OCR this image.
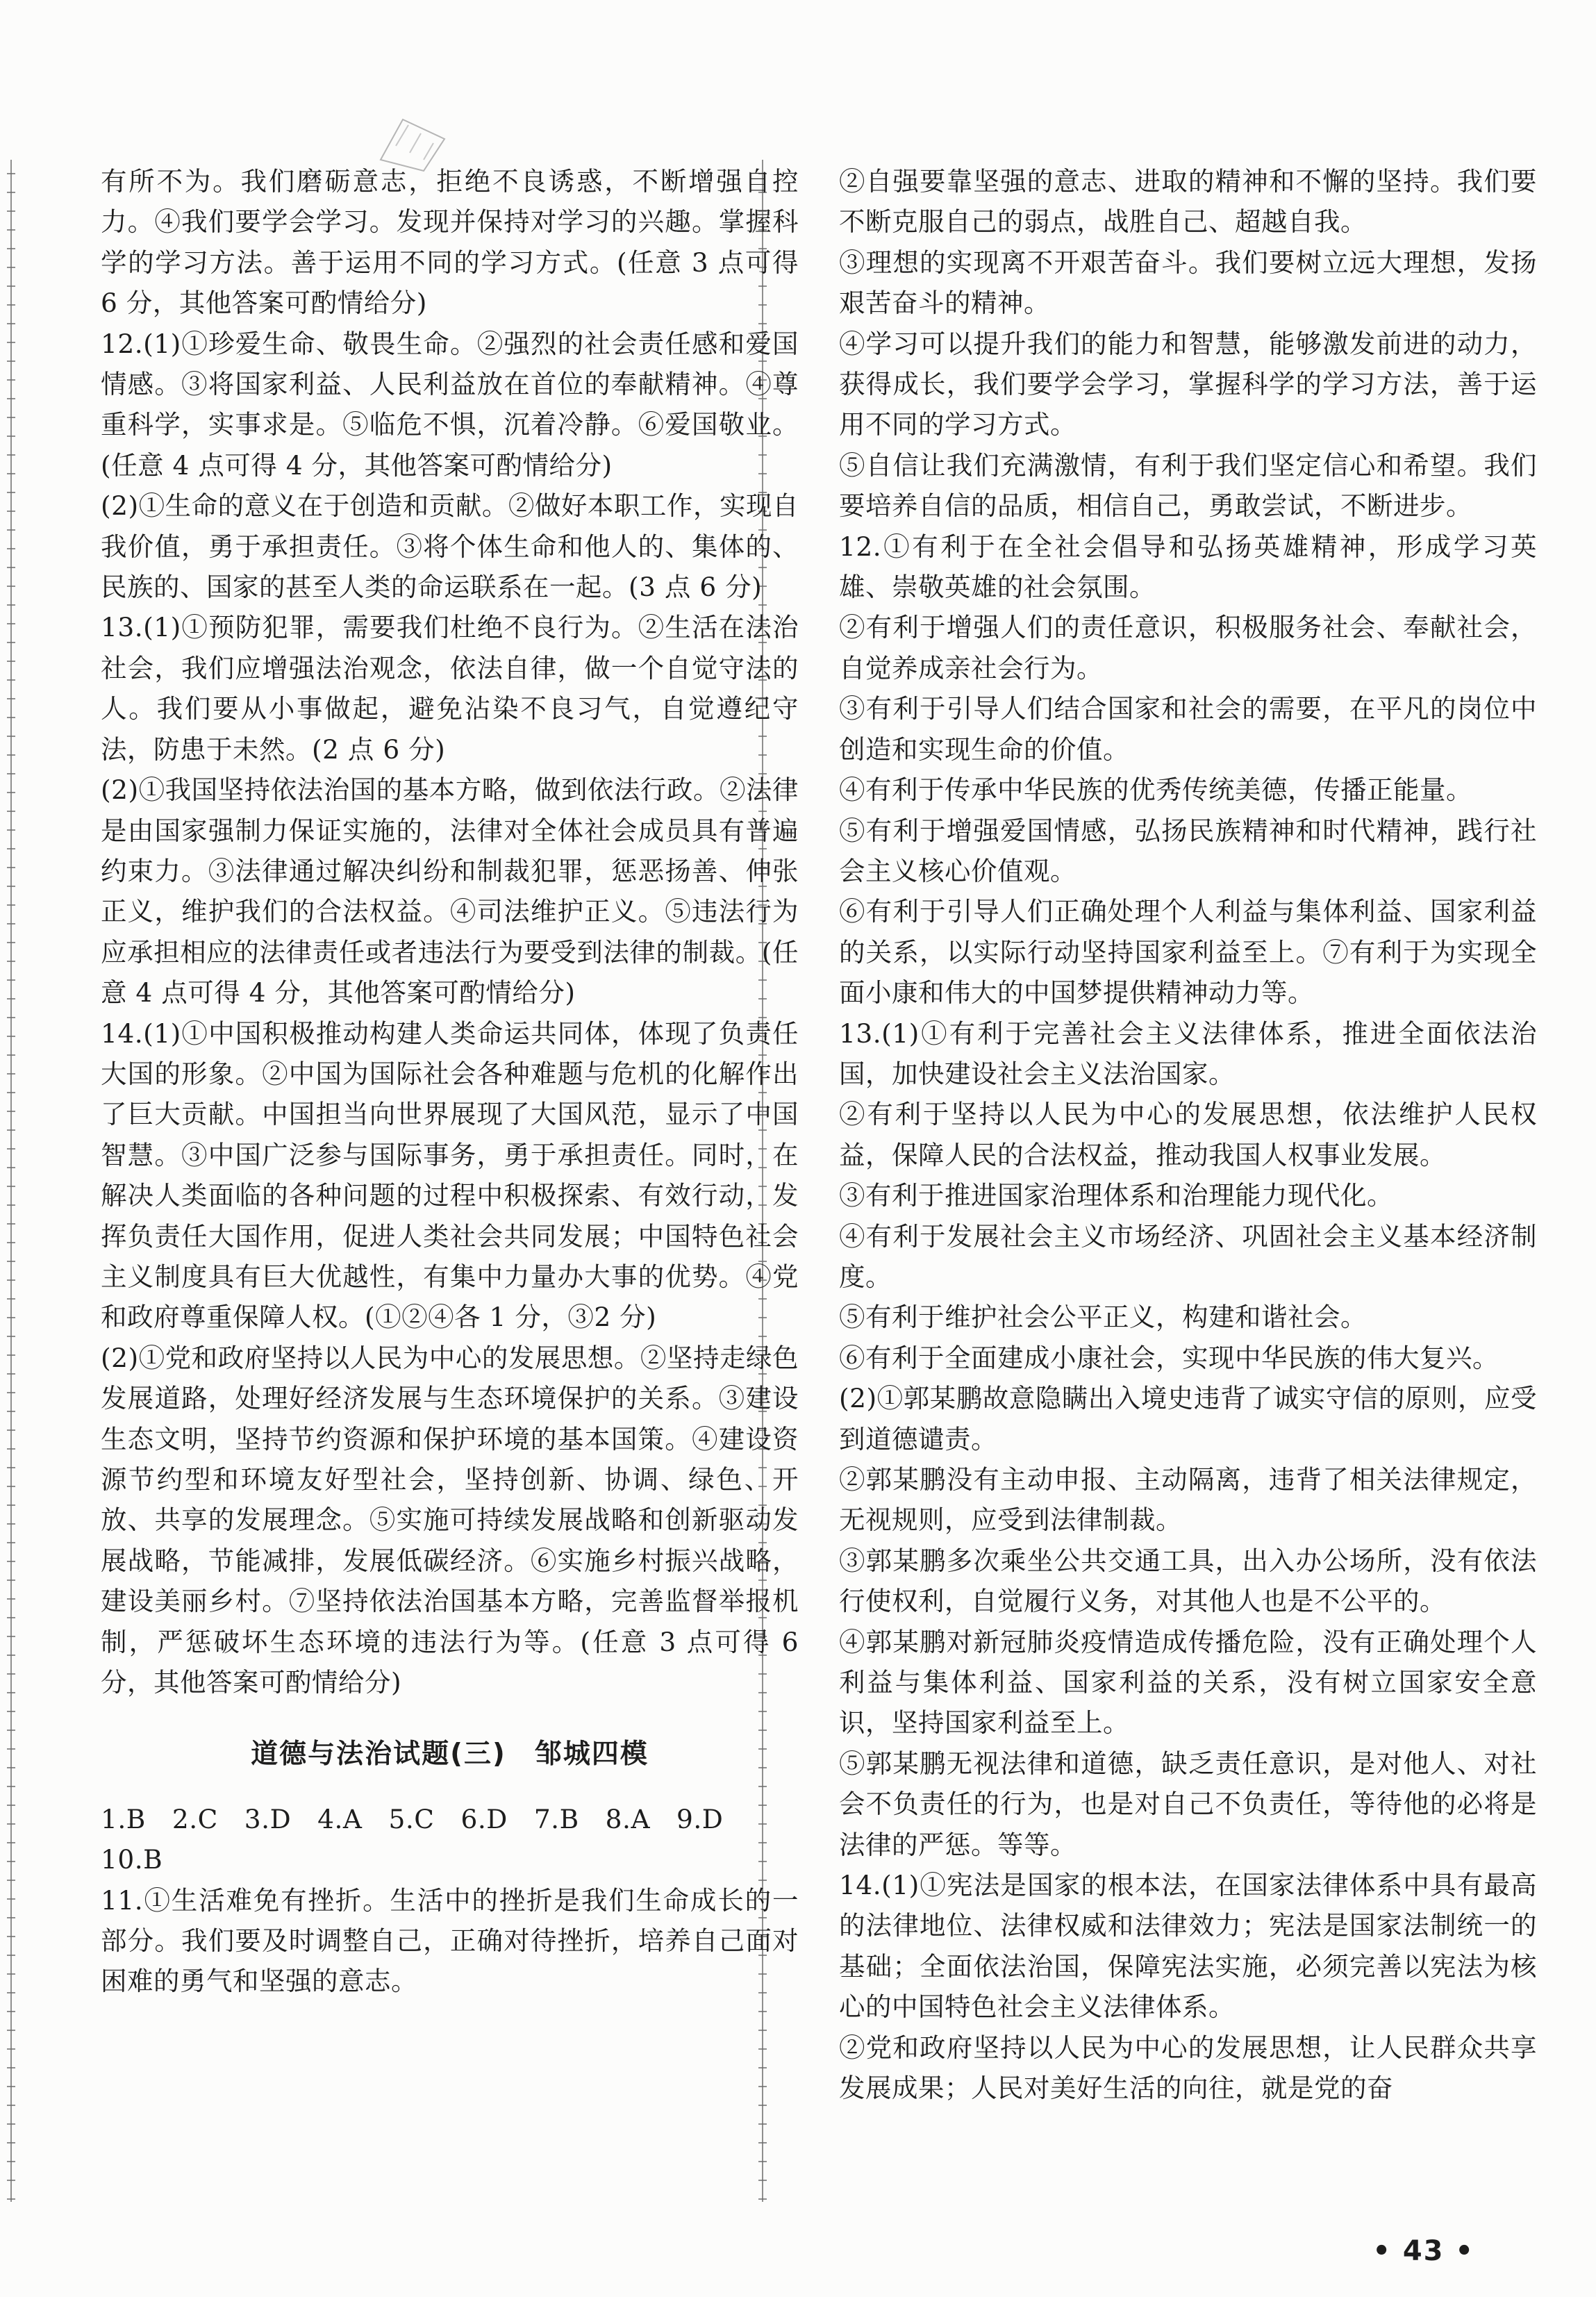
有所不为。我们磨砺意志，拒绝不良诱惑，不断增强自控力。④我们要学会学习。发现并保持对学习的兴趣。掌握科学的学习方法。善于运用不同的学习方式。(任意 3 点可得 6 分，其他答案可酌情给分)

12.(1)①珍爱生命、敬畏生命。②强烈的社会责任感和爱国情感。③将国家利益、人民利益放在首位的奉献精神。④尊重科学，实事求是。⑤临危不惧，沉着冷静。⑥爱国敬业。(任意 4 点可得 4 分，其他答案可酌情给分)

(2)①生命的意义在于创造和贡献。②做好本职工作，实现自我价值，勇于承担责任。③将个体生命和他人的、集体的、民族的、国家的甚至人类的命运联系在一起。(3 点 6 分)

13.(1)①预防犯罪，需要我们杜绝不良行为。②生活在法治社会，我们应增强法治观念，依法自律，做一个自觉守法的人。我们要从小事做起，避免沾染不良习气，自觉遵纪守法，防患于未然。(2 点 6 分)

(2)①我国坚持依法治国的基本方略，做到依法行政。②法律是由国家强制力保证实施的，法律对全体社会成员具有普遍约束力。③法律通过解决纠纷和制裁犯罪，惩恶扬善、伸张正义，维护我们的合法权益。④司法维护正义。⑤违法行为应承担相应的法律责任或者违法行为要受到法律的制裁。(任意 4 点可得 4 分，其他答案可酌情给分)

14.(1)①中国积极推动构建人类命运共同体，体现了负责任大国的形象。②中国为国际社会各种难题与危机的化解作出了巨大贡献。中国担当向世界展现了大国风范，显示了中国智慧。③中国广泛参与国际事务，勇于承担责任。同时，在解决人类面临的各种问题的过程中积极探索、有效行动，发挥负责任大国作用，促进人类社会共同发展；中国特色社会主义制度具有巨大优越性，有集中力量办大事的优势。④党和政府尊重保障人权。(①②④各 1 分，③2 分)

(2)①党和政府坚持以人民为中心的发展思想。②坚持走绿色发展道路，处理好经济发展与生态环境保护的关系。③建设生态文明，坚持节约资源和保护环境的基本国策。④建设资源节约型和环境友好型社会，坚持创新、协调、绿色、开放、共享的发展理念。⑤实施可持续发展战略和创新驱动发展战略，节能减排，发展低碳经济。⑥实施乡村振兴战略，建设美丽乡村。⑦坚持依法治国基本方略，完善监督举报机制，严惩破坏生态环境的违法行为等。(任意 3 点可得 6 分，其他答案可酌情给分)

道德与法治试题(三)　邹城四模

1.B　2.C　3.D　4.A　5.C　6.D　7.B　8.A　9.D

10.B

11.①生活难免有挫折。生活中的挫折是我们生命成长的一部分。我们要及时调整自己，正确对待挫折，培养自己面对困难的勇气和坚强的意志。

②自强要靠坚强的意志、进取的精神和不懈的坚持。我们要不断克服自己的弱点，战胜自己、超越自我。

③理想的实现离不开艰苦奋斗。我们要树立远大理想，发扬艰苦奋斗的精神。

④学习可以提升我们的能力和智慧，能够激发前进的动力，获得成长，我们要学会学习，掌握科学的学习方法，善于运用不同的学习方式。

⑤自信让我们充满激情，有利于我们坚定信心和希望。我们要培养自信的品质，相信自己，勇敢尝试，不断进步。

12.①有利于在全社会倡导和弘扬英雄精神，形成学习英雄、崇敬英雄的社会氛围。

②有利于增强人们的责任意识，积极服务社会、奉献社会，自觉养成亲社会行为。

③有利于引导人们结合国家和社会的需要，在平凡的岗位中创造和实现生命的价值。

④有利于传承中华民族的优秀传统美德，传播正能量。

⑤有利于增强爱国情感，弘扬民族精神和时代精神，践行社会主义核心价值观。

⑥有利于引导人们正确处理个人利益与集体利益、国家利益的关系，以实际行动坚持国家利益至上。⑦有利于为实现全面小康和伟大的中国梦提供精神动力等。

13.(1)①有利于完善社会主义法律体系，推进全面依法治国，加快建设社会主义法治国家。

②有利于坚持以人民为中心的发展思想，依法维护人民权益，保障人民的合法权益，推动我国人权事业发展。

③有利于推进国家治理体系和治理能力现代化。

④有利于发展社会主义市场经济、巩固社会主义基本经济制度。

⑤有利于维护社会公平正义，构建和谐社会。

⑥有利于全面建成小康社会，实现中华民族的伟大复兴。

(2)①郭某鹏故意隐瞒出入境史违背了诚实守信的原则，应受到道德谴责。

②郭某鹏没有主动申报、主动隔离，违背了相关法律规定，无视规则，应受到法律制裁。

③郭某鹏多次乘坐公共交通工具，出入办公场所，没有依法行使权利，自觉履行义务，对其他人也是不公平的。

④郭某鹏对新冠肺炎疫情造成传播危险，没有正确处理个人利益与集体利益、国家利益的关系，没有树立国家安全意识，坚持国家利益至上。

⑤郭某鹏无视法律和道德，缺乏责任意识，是对他人、对社会不负责任的行为，也是对自己不负责任，等待他的必将是法律的严惩。等等。

14.(1)①宪法是国家的根本法，在国家法律体系中具有最高的法律地位、法律权威和法律效力；宪法是国家法制统一的基础；全面依法治国，保障宪法实施，必须完善以宪法为核心的中国特色社会主义法律体系。

②党和政府坚持以人民为中心的发展思想，让人民群众共享发展成果；人民对美好生活的向往，就是党的奋

• 43 •
